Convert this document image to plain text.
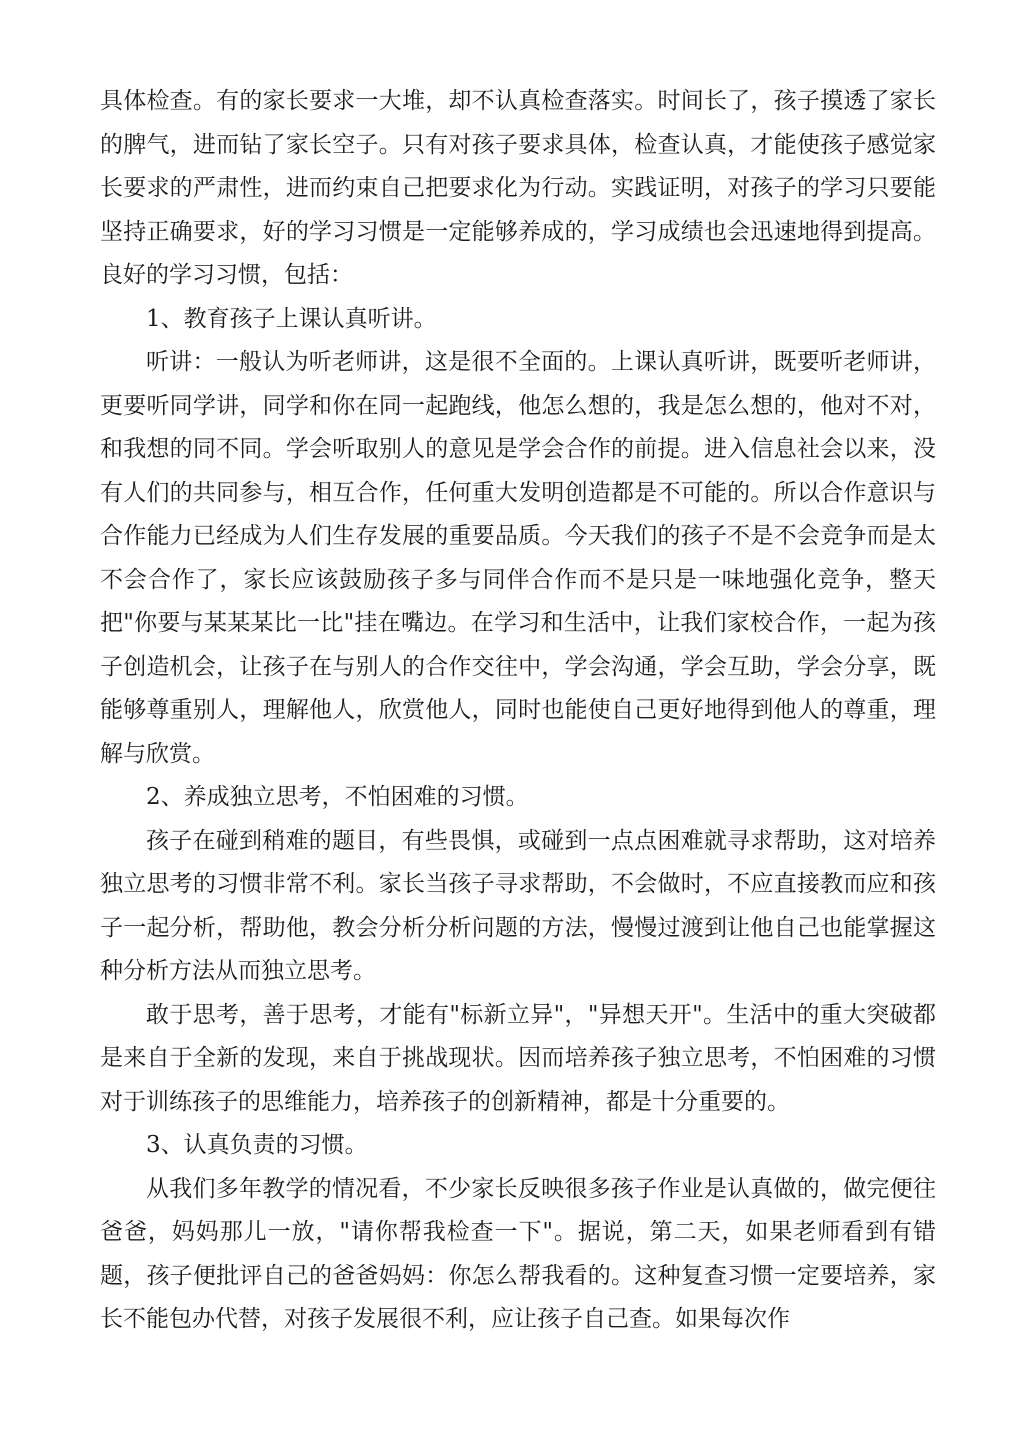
具体检查。有的家长要求一大堆，却不认真检查落实。时间长了，孩子摸透了家长的脾气，进而钻了家长空子。只有对孩子要求具体，检查认真，才能使孩子感觉家长要求的严肃性，进而约束自己把要求化为行动。实践证明，对孩子的学习只要能坚持正确要求，好的学习习惯是一定能够养成的，学习成绩也会迅速地得到提高。良好的学习习惯，包括：

1、教育孩子上课认真听讲。

听讲：一般认为听老师讲，这是很不全面的。上课认真听讲，既要听老师讲，更要听同学讲，同学和你在同一起跑线，他怎么想的，我是怎么想的，他对不对，和我想的同不同。学会听取别人的意见是学会合作的前提。进入信息社会以来，没有人们的共同参与，相互合作，任何重大发明创造都是不可能的。所以合作意识与合作能力已经成为人们生存发展的重要品质。今天我们的孩子不是不会竞争而是太不会合作了，家长应该鼓励孩子多与同伴合作而不是只是一味地强化竞争，整天把"你要与某某某比一比"挂在嘴边。在学习和生活中，让我们家校合作，一起为孩子创造机会，让孩子在与别人的合作交往中，学会沟通，学会互助，学会分享，既能够尊重别人，理解他人，欣赏他人，同时也能使自己更好地得到他人的尊重，理解与欣赏。

2、养成独立思考，不怕困难的习惯。

孩子在碰到稍难的题目，有些畏惧，或碰到一点点困难就寻求帮助，这对培养独立思考的习惯非常不利。家长当孩子寻求帮助，不会做时，不应直接教而应和孩子一起分析，帮助他，教会分析分析问题的方法，慢慢过渡到让他自己也能掌握这种分析方法从而独立思考。

敢于思考，善于思考，才能有"标新立异"，"异想天开"。生活中的重大突破都是来自于全新的发现，来自于挑战现状。因而培养孩子独立思考，不怕困难的习惯对于训练孩子的思维能力，培养孩子的创新精神，都是十分重要的。

3、认真负责的习惯。

从我们多年教学的情况看，不少家长反映很多孩子作业是认真做的，做完便往爸爸，妈妈那儿一放，"请你帮我检查一下"。据说，第二天，如果老师看到有错题，孩子便批评自己的爸爸妈妈：你怎么帮我看的。这种复查习惯一定要培养，家长不能包办代替，对孩子发展很不利，应让孩子自己查。如果每次作
